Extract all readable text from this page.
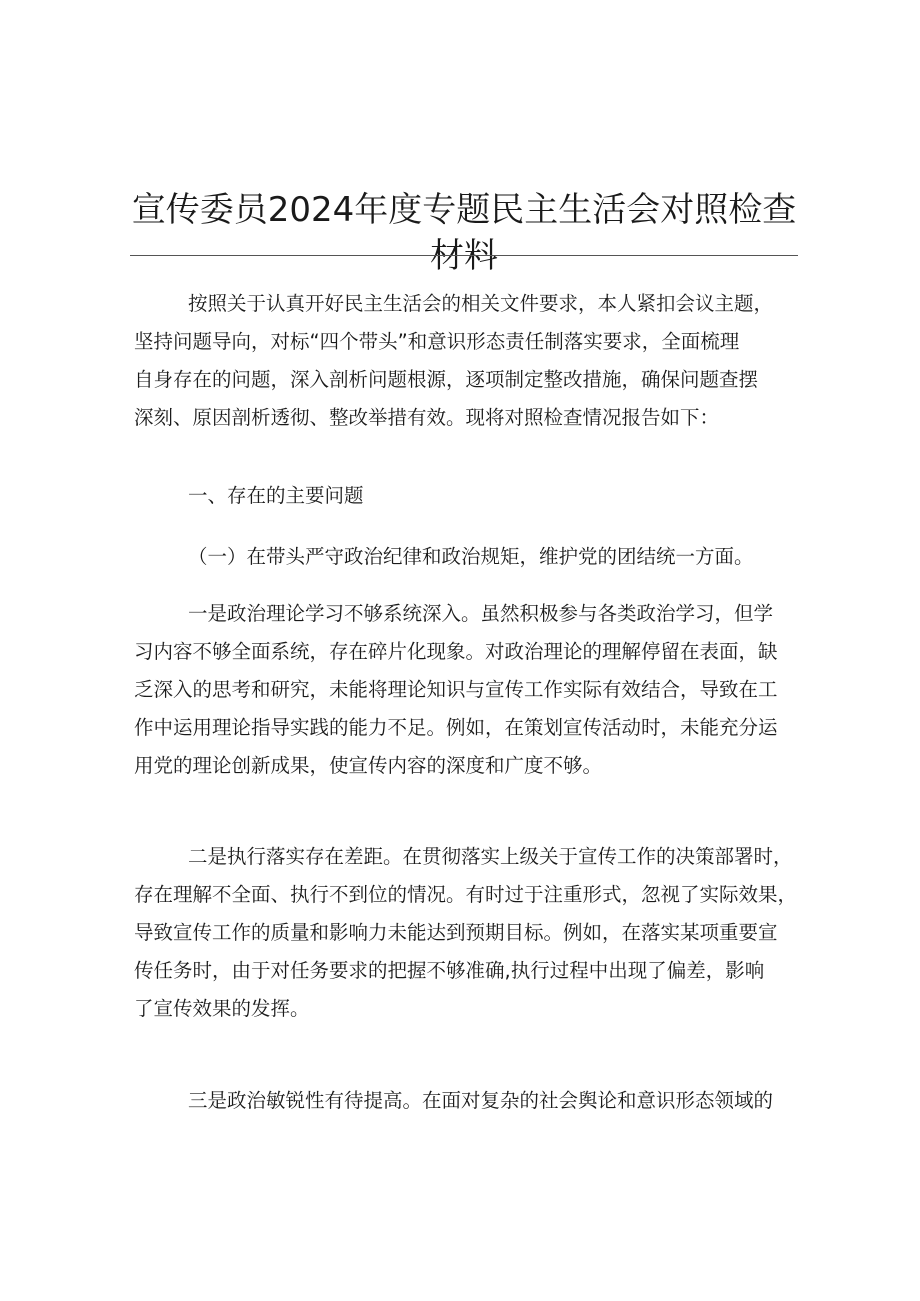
宣传委员2024年度专题民主生活会对照检查
材料

按照关于认真开好民主生活会的相关文件要求，本人紧扣会议主题，
坚持问题导向，对标“四个带头”和意识形态责任制落实要求，全面梳理
自身存在的问题，深入剖析问题根源，逐项制定整改措施，确保问题查摆
深刻、原因剖析透彻、整改举措有效。现将对照检查情况报告如下：

一、存在的主要问题

（一）在带头严守政治纪律和政治规矩，维护党的团结统一方面。

一是政治理论学习不够系统深入。虽然积极参与各类政治学习，但学
习内容不够全面系统，存在碎片化现象。对政治理论的理解停留在表面，缺
乏深入的思考和研究，未能将理论知识与宣传工作实际有效结合，导致在工
作中运用理论指导实践的能力不足。例如，在策划宣传活动时，未能充分运
用党的理论创新成果，使宣传内容的深度和广度不够。

二是执行落实存在差距。在贯彻落实上级关于宣传工作的决策部署时，
存在理解不全面、执行不到位的情况。有时过于注重形式，忽视了实际效果，
导致宣传工作的质量和影响力未能达到预期目标。例如，在落实某项重要宣
传任务时，由于对任务要求的把握不够准确,执行过程中出现了偏差，影响
了宣传效果的发挥。

三是政治敏锐性有待提高。在面对复杂的社会舆论和意识形态领域的
